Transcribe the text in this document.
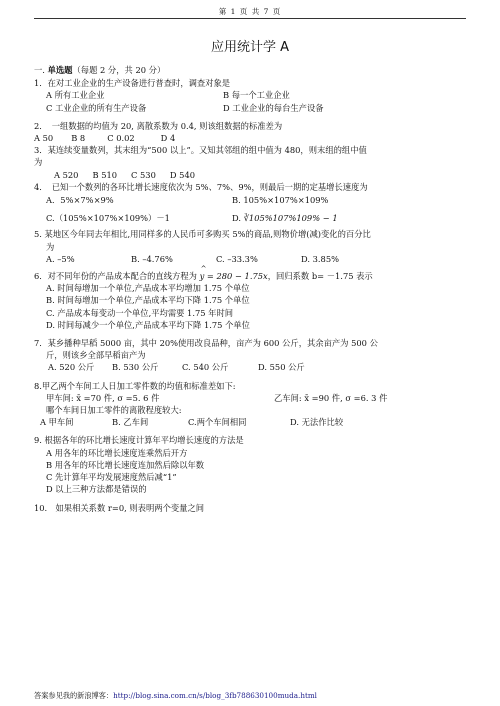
第 1 页 共 7 页
应用统计学 A
一. 单选题（每题 2 分，共 20 分）
1．在对工业企业的生产设备进行普查时，调查对象是
A 所有工业企业	B 每一个工业企业
C 工业企业的所有生产设备	D 工业企业的每台生产设备
2．　一组数据的均值为 20, 离散系数为 0.4, 则该组数据的标准差为
A 50 B 8	C 0.02	D 4
3．某连续变量数列，其末组为“500 以上”。又知其邻组的组中值为 480，则末组的组中值
为
A 520 B 510 C 530 D 540
4．　已知一个数列的各环比增长速度依次为 5%、7%、9%，则最后一期的定基增长速度为
A．5%×7%×9%	B. 105%×107%×109%
C.（105%×107%×109%）－1	D. ∛105%107%109% − 1
5. 某地区今年同去年相比,用同样多的人民币可多购买 5%的商品,则物价增(减)变化的百分比
为
A. –5%	B. –4.76%	C. –33.3%	D. 3.85%
6．对不同年份的产品成本配合的直线方程为 ^ y = 280 − 1.75x，回归系数 b= －1.75 表示
A. 时间每增加一个单位,产品成本平均增加 1.75 个单位
B. 时间每增加一个单位,产品成本平均下降 1.75 个单位
C. 产品成本每变动一个单位,平均需要 1.75 年时间
D. 时间每减少一个单位,产品成本平均下降 1.75 个单位
7．某乡播种早稻 5000 亩，其中 20%使用改良品种，亩产为 600 公斤，其余亩产为 500 公
斤，则该乡全部早稻亩产为
A. 520 公斤	B. 530 公斤	C. 540 公斤	D. 550 公斤
8.甲乙两个车间工人日加工零件数的均值和标准差如下:
甲车间: x̄ =70 件, σ =5. 6 件	乙车间: x̄ =90 件, σ =6. 3 件
哪个车间日加工零件的离散程度较大:
A 甲车间	B. 乙车间	C.两个车间相同	D. 无法作比较
9. 根据各年的环比增长速度计算年平均增长速度的方法是
A 用各年的环比增长速度连乘然后开方
B 用各年的环比增长速度连加然后除以年数
C 先计算年平均发展速度然后减“1”
D 以上三种方法都是错误的
10.　如果相关系数 r=0, 则表明两个变量之间
答案参见我的新浪博客：http://blog.sina.com.cn/s/blog_3fb788630100muda.html
